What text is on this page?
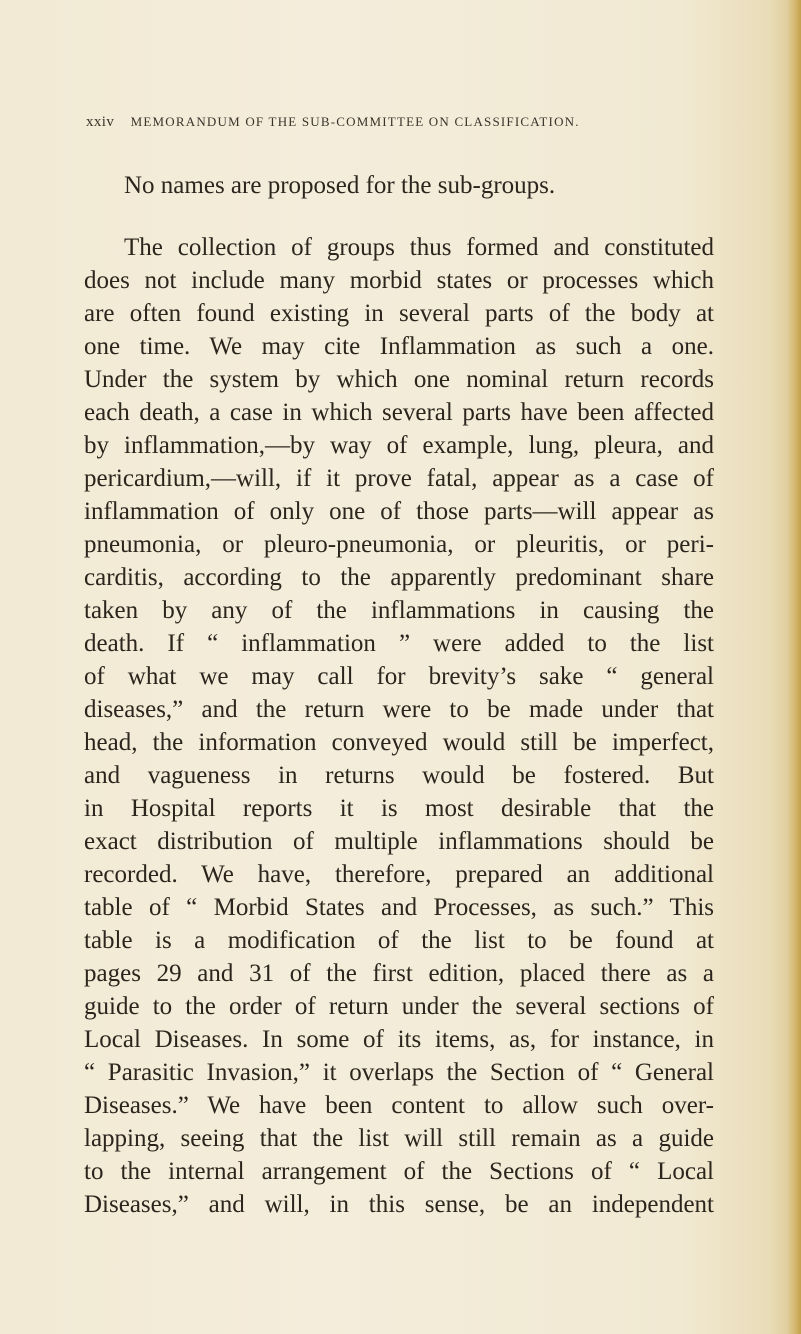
xxiv MEMORANDUM OF THE SUB-COMMITTEE ON CLASSIFICATION.
No names are proposed for the sub-groups.
The collection of groups thus formed and constituted
does not include many morbid states or processes which
are often found existing in several parts of the body at
one time. We may cite Inflammation as such a one.
Under the system by which one nominal return records
each death, a case in which several parts have been affected
by inflammation,—by way of example, lung, pleura, and
pericardium,—will, if it prove fatal, appear as a case of
inflammation of only one of those parts—will appear as
pneumonia, or pleuro-pneumonia, or pleuritis, or peri-
carditis, according to the apparently predominant share
taken by any of the inflammations in causing the
death. If “ inflammation ” were added to the list
of what we may call for brevity’s sake “ general
diseases,” and the return were to be made under that
head, the information conveyed would still be imperfect,
and vagueness in returns would be fostered. But
in Hospital reports it is most desirable that the
exact distribution of multiple inflammations should be
recorded. We have, therefore, prepared an additional
table of “ Morbid States and Processes, as such.” This
table is a modification of the list to be found at
pages 29 and 31 of the first edition, placed there as a
guide to the order of return under the several sections of
Local Diseases. In some of its items, as, for instance, in
“ Parasitic Invasion,” it overlaps the Section of “ General
Diseases.” We have been content to allow such over-
lapping, seeing that the list will still remain as a guide
to the internal arrangement of the Sections of “ Local
Diseases,” and will, in this sense, be an independent
